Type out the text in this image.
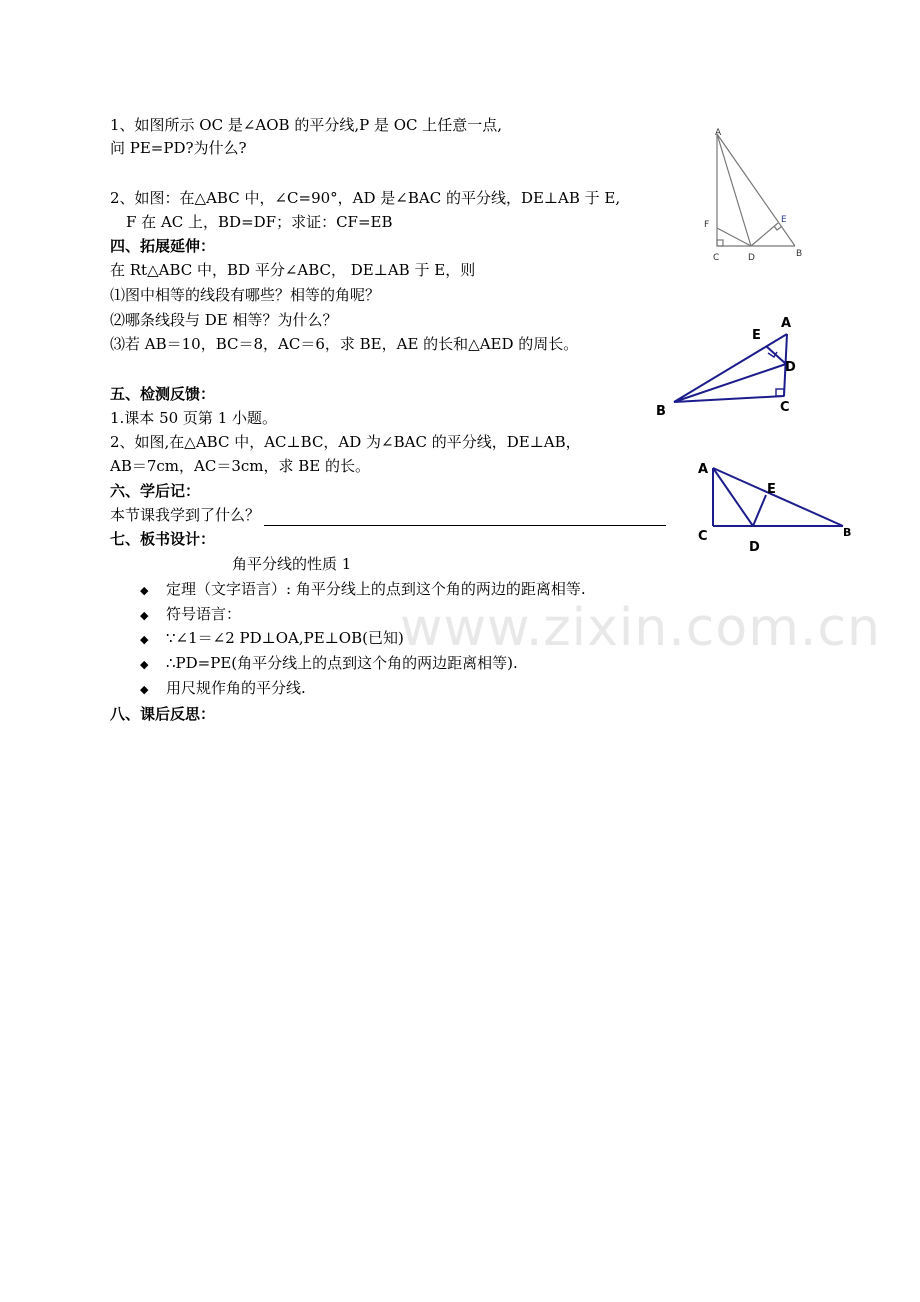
www.zixin.com.cn
1、如图所示 OC 是∠AOB 的平分线,P 是 OC 上任意一点,
问 PE=PD?为什么?
2、如图：在△ABC 中，∠C=90°，AD 是∠BAC 的平分线，DE⊥AB 于 E,
F 在 AC 上，BD=DF；求证：CF=EB
四、拓展延伸：
在 Rt△ABC 中，BD 平分∠ABC， DE⊥AB 于 E，则
⑴图中相等的线段有哪些？相等的角呢？
⑵哪条线段与 DE 相等？为什么？
⑶若 AB＝10，BC＝8，AC＝6，求 BE，AE 的长和△AED 的周长。
五、检测反馈：
1.课本 50 页第 1 小题。
2、如图,在△ABC 中，AC⊥BC，AD 为∠BAC 的平分线，DE⊥AB，
AB＝7cm，AC＝3cm，求 BE 的长。
六、学后记：
本节课我学到了什么？
七、板书设计：
角平分线的性质 1
◆ 定理（文字语言）: 角平分线上的点到这个角的两边的距离相等.
◆ 符号语言：
◆ ∵∠1＝∠2 PD⊥OA,PE⊥OB(已知)
◆ ∴PD=PE(角平分线上的点到这个角的两边距离相等).
◆ 用尺规作角的平分线.
八、课后反思：
A
F	E
C	D	B
A
E
D
C
B
A
E
C
D
B
